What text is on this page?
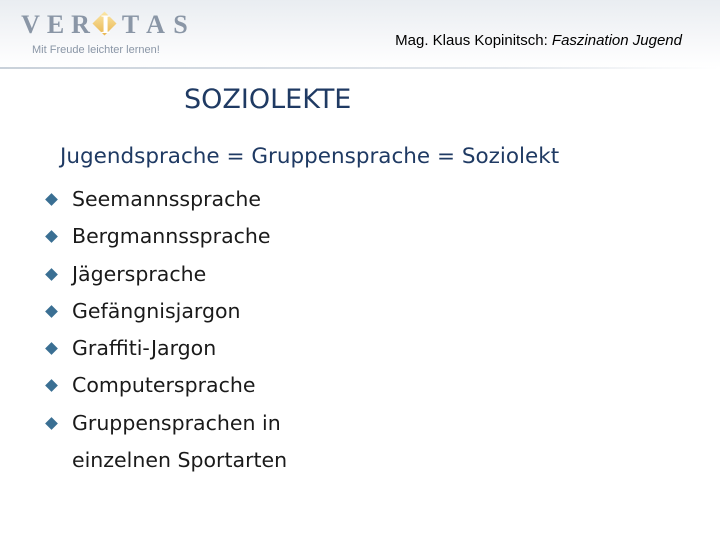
V E R I T A S
Mit Freude leichter lernen!
Mag. Klaus Kopinitsch: Faszination Jugend
SOZIOLEKTE
Jugendsprache = Gruppensprache = Soziolekt
Seemannssprache
Bergmannssprache
Jägersprache
Gefängnisjargon
Graffiti-Jargon
Computersprache
Gruppensprachen in
einzelnen Sportarten
